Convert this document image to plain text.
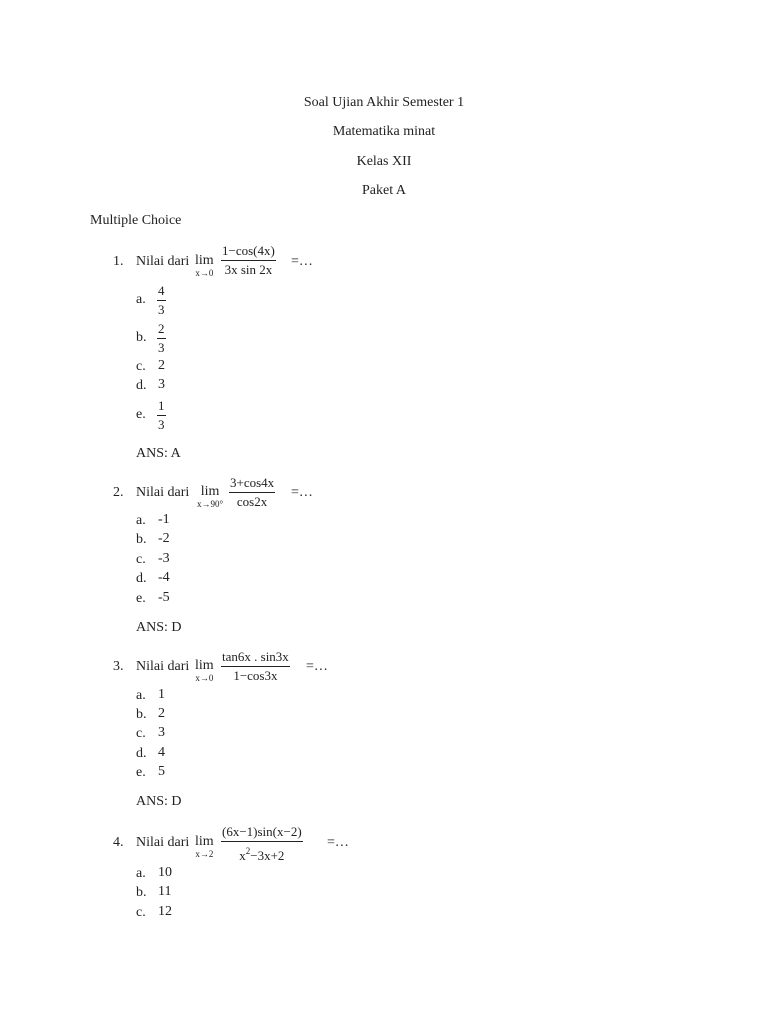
Soal Ujian Akhir Semester 1
Matematika minat
Kelas XII
Paket A
Multiple Choice
1. Nilai dari lim
$x\to 0 \frac{1-\cos(4x)}{\text{3x sin 2x}}$ =…
a. $\frac{4}{3}$
b. $\frac{2}{3}$
c. 2
d. 3
e. $\frac{1}{3}$
ANS: A
2. Nilai dari lim
$x\to 90^\circ \frac{3+\cos 4x}{\cos 2x}$ =…
a. -1
b. -2
c. -3
d. -4
e. -5
ANS: D
3. Nilai dari lim
$x\to 0 \frac{\tan 6x . \sin 3x}{1-\cos 3x}$ =…
a. 1
b. 2
c. 3
d. 4
e. 5
ANS: D
4. Nilai dari lim
$x\to 2 \frac{(6x-1)\sin(x-2)}{x^2-3x+2}$ =…
a. 10
b. 11
c. 12
